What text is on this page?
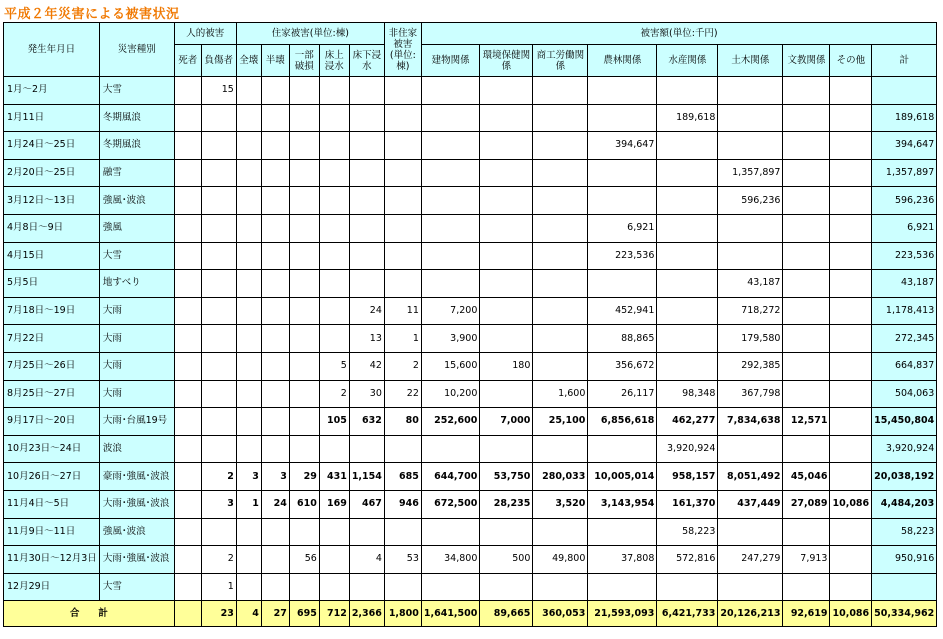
平成２年災害による被害状況
発生年月日	災害種別	人的被害		住家被害(単位:棟)					非住家被害(単位:棟)	被害額(単位:千円)								
		死者	負傷者	全壊	半壊	一部破損	床上浸水	床下浸水		建物関係	環境保健関係	商工労働関係	農林関係	水産関係	土木関係	文教関係	その他	計
1月～2月	大雪		15															
1月11日	冬期風浪													189,618				189,618
1月24日～25日	冬期風浪												394,647					394,647
2月20日～25日	融雪														1,357,897			1,357,897
3月12日～13日	強風･波浪														596,236			596,236
4月8日～9日	強風												6,921					6,921
4月15日	大雪												223,536					223,536
5月5日	地すべり														43,187			43,187
7月18日～19日	大雨							24	11	7,200			452,941		718,272			1,178,413
7月22日	大雨							13	1	3,900			88,865		179,580			272,345
7月25日～26日	大雨						5	42	2	15,600	180		356,672		292,385			664,837
8月25日～27日	大雨						2	30	22	10,200		1,600	26,117	98,348	367,798			504,063
9月17日～20日	大雨･台風19号						105	632	80	252,600	7,000	25,100	6,856,618	462,277	7,834,638	12,571		15,450,804
10月23日～24日	波浪													3,920,924				3,920,924
10月26日～27日	豪雨･強風･波浪		2	3	3	29	431	1,154	685	644,700	53,750	280,033	10,005,014	958,157	8,051,492	45,046		20,038,192
11月4日～5日	大雨･強風･波浪		3	1	24	610	169	467	946	672,500	28,235	3,520	3,143,954	161,370	437,449	27,089	10,086	4,484,203
11月9日～11日	強風･波浪													58,223				58,223
11月30日～12月3日	大雨･強風･波浪		2			56		4	53	34,800	500	49,800	37,808	572,816	247,279	7,913		950,916
12月29日	大雪		1															
合　　計			23	4	27	695	712	2,366	1,800	1,641,500	89,665	360,053	21,593,093	6,421,733	20,126,213	92,619	10,086	50,334,962
